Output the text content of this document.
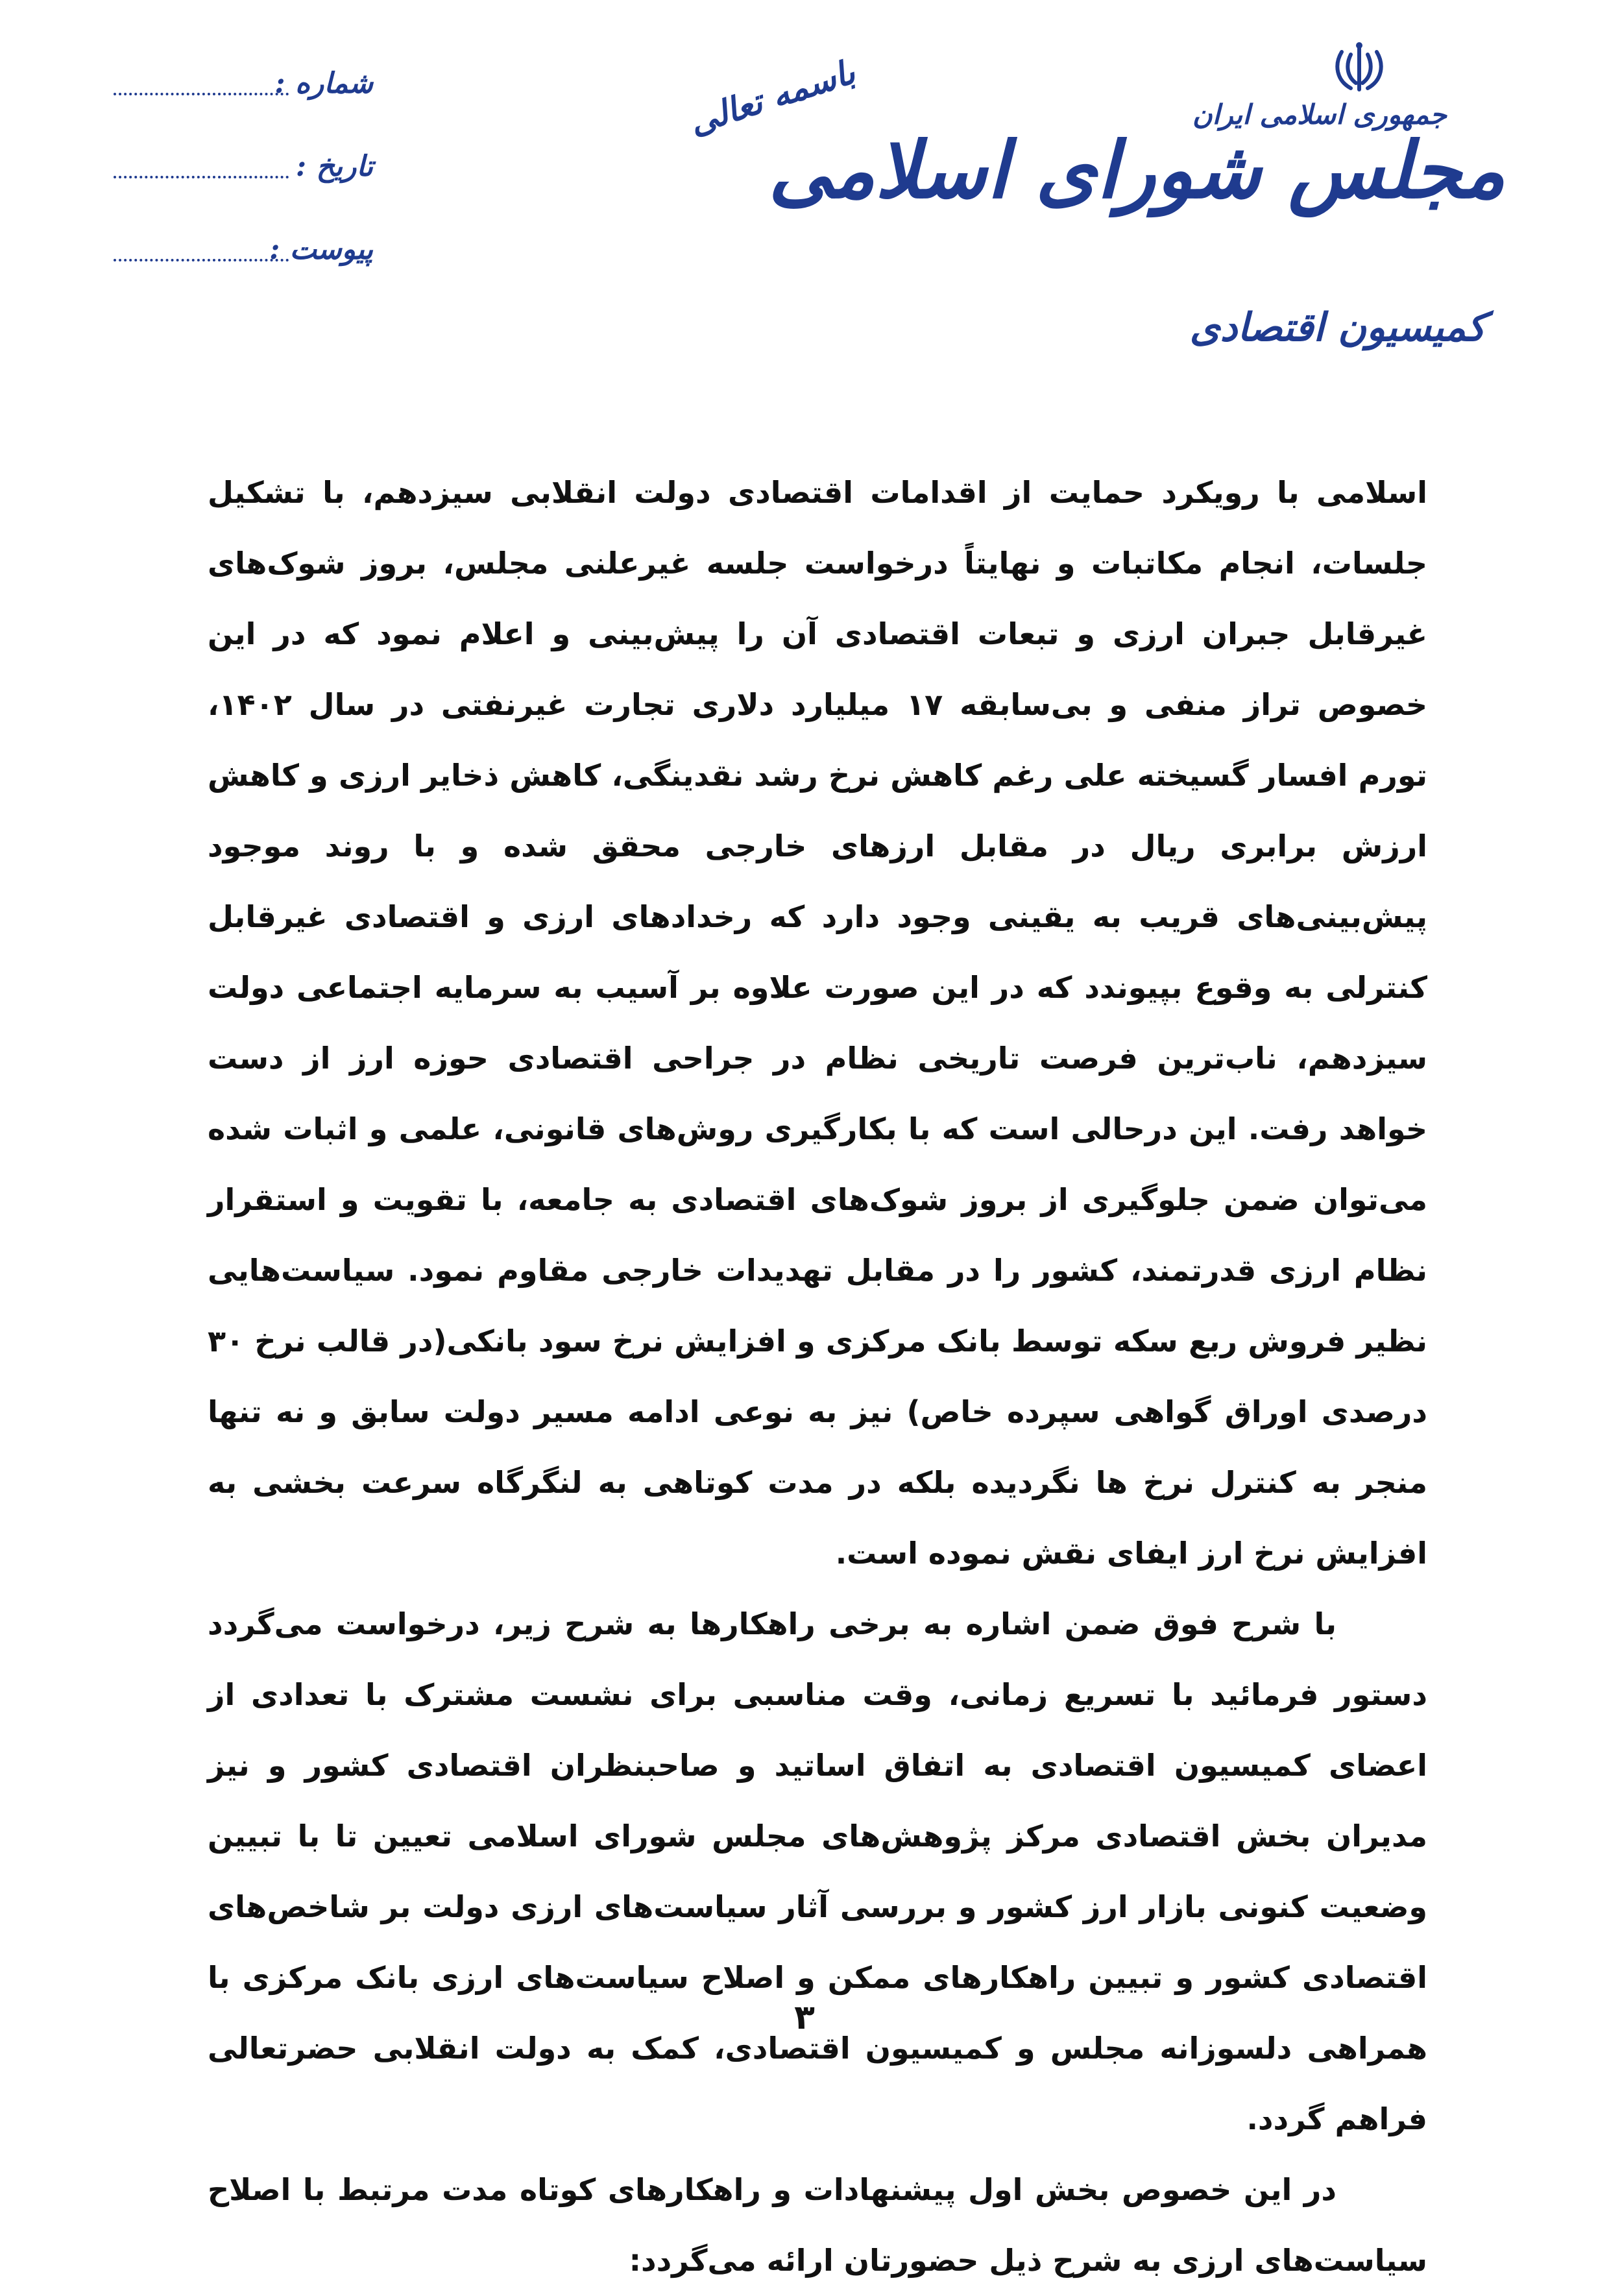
جمهوری اسلامی ایران
مجلس شورای اسلامی
کمیسیون اقتصادی
باسمه تعالی
شماره :
تاریخ :
پیوست :

اسلامی با رویکرد حمایت از اقدامات اقتصادی دولت انقلابی سیزدهم، با تشکیل جلسات، انجام مکاتبات و نهایتاً درخواست جلسه غیرعلنی مجلس، بروز شوک‌های غیرقابل جبران ارزی و تبعات اقتصادی آن را پیش‌بینی و اعلام نمود که در این خصوص تراز منفی و بی‌سابقه ۱۷ میلیارد دلاری تجارت غیرنفتی در سال ۱۴۰۲، تورم افسار گسیخته علی رغم کاهش نرخ رشد نقدینگی، کاهش ذخایر ارزی و کاهش ارزش برابری ریال در مقابل ارزهای خارجی محقق شده و با روند موجود پیش‌بینی‌های قریب به یقینی وجود دارد که رخدادهای ارزی و اقتصادی غیرقابل کنترلی به وقوع بپیوندد که در این صورت علاوه بر آسیب به سرمایه اجتماعی دولت سیزدهم، ناب‌ترین فرصت تاریخی نظام در جراحی اقتصادی حوزه ارز از دست خواهد رفت. این درحالی است که با بکارگیری روش‌های قانونی، علمی و اثبات شده می‌توان ضمن جلوگیری از بروز شوک‌های اقتصادی به جامعه، با تقویت و استقرار نظام ارزی قدرتمند، کشور را در مقابل تهدیدات خارجی مقاوم نمود. سیاست‌هایی نظیر فروش ربع سکه توسط بانک مرکزی و افزایش نرخ سود بانکی(در قالب نرخ ۳۰ درصدی اوراق گواهی سپرده خاص) نیز به نوعی ادامه مسیر دولت سابق و نه تنها منجر به کنترل نرخ ها نگردیده بلکه در مدت کوتاهی به لنگرگاه سرعت بخشی به افزایش نرخ ارز ایفای نقش نموده است.

با شرح فوق ضمن اشاره به برخی راهکارها به شرح زیر، درخواست می‌گردد دستور فرمائید با تسریع زمانی، وقت مناسبی برای نشست مشترک با تعدادی از اعضای کمیسیون اقتصادی به اتفاق اساتید و صاحبنظران اقتصادی کشور و نیز مدیران بخش اقتصادی مرکز پژوهش‌های مجلس شورای اسلامی تعیین تا با تبیین وضعیت کنونی بازار ارز کشور و بررسی آثار سیاست‌های ارزی دولت بر شاخص‌های اقتصادی کشور و تبیین راهکارهای ممکن و اصلاح سیاست‌های ارزی بانک مرکزی با همراهی دلسوزانه مجلس و کمیسیون اقتصادی، کمک به دولت انقلابی حضرتعالی فراهم گردد.

در این خصوص بخش اول پیشنهادات و راهکارهای کوتاه مدت مرتبط با اصلاح سیاست‌های ارزی به شرح ذیل حضورتان ارائه می‌گردد:

۳
